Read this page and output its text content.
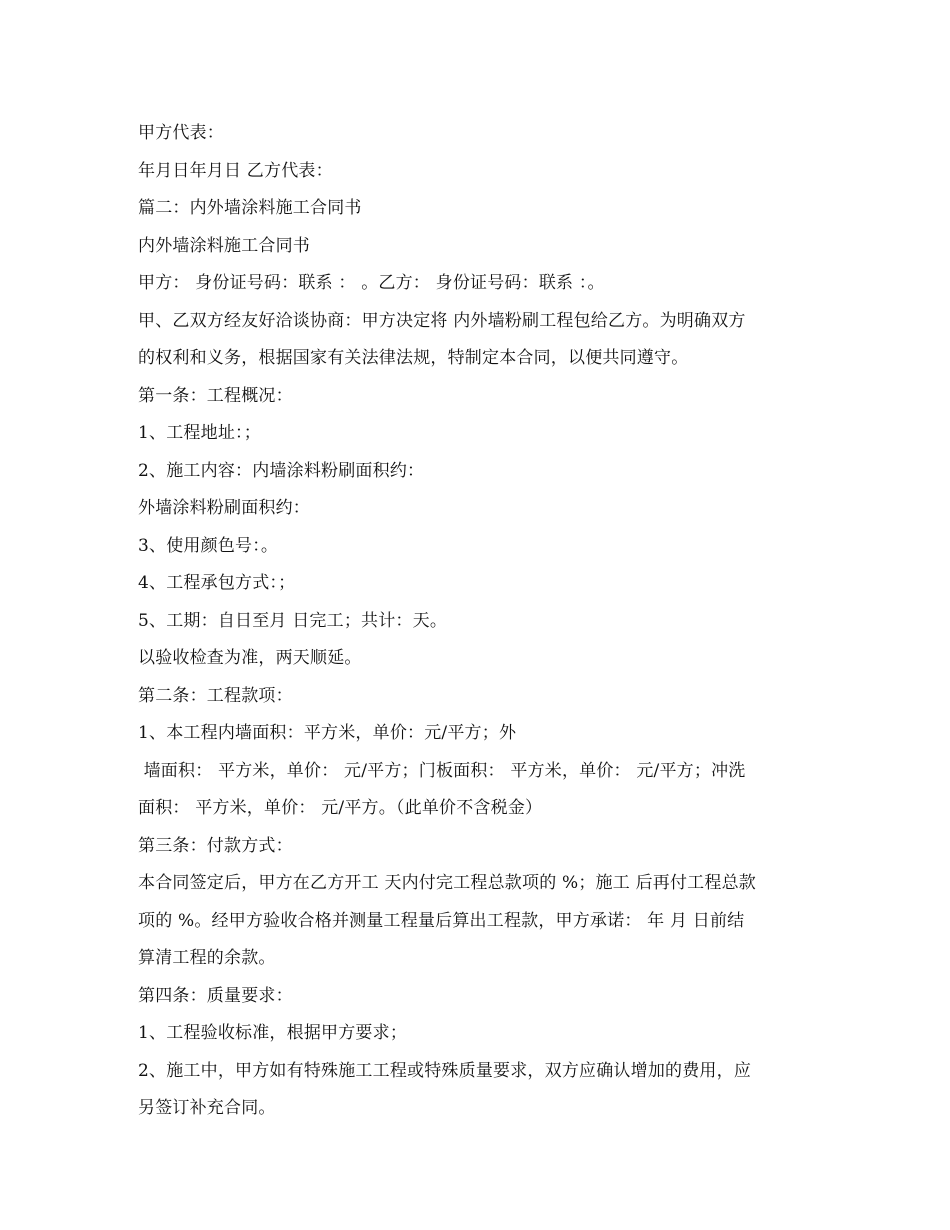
甲方代表：
年月日年月日 乙方代表：
篇二：内外墙涂料施工合同书
内外墙涂料施工合同书
甲方： 身份证号码：联系 ： 。乙方： 身份证号码：联系 ：。
甲、乙双方经友好洽谈协商：甲方决定将 内外墙粉刷工程包给乙方。为明确双方
的权利和义务，根据国家有关法律法规，特制定本合同，以便共同遵守。
第一条：工程概况：
1、工程地址：；
2、施工内容：内墙涂料粉刷面积约：
外墙涂料粉刷面积约：
3、使用颜色号：。
4、工程承包方式：；
5、工期：自日至月 日完工；共计：天。
以验收检查为准，两天顺延。
第二条：工程款项：
1、本工程内墙面积：平方米，单价：元/平方；外
墙面积： 平方米，单价： 元/平方；门板面积： 平方米，单价： 元/平方；冲洗
面积： 平方米，单价： 元/平方。（此单价不含税金）
第三条：付款方式：
本合同签定后，甲方在乙方开工 天内付完工程总款项的 %；施工 后再付工程总款
项的 %。经甲方验收合格并测量工程量后算出工程款，甲方承诺： 年 月 日前结
算清工程的余款。
第四条：质量要求：
1、工程验收标准，根据甲方要求；
2、施工中，甲方如有特殊施工工程或特殊质量要求，双方应确认增加的费用，应
另签订补充合同。
